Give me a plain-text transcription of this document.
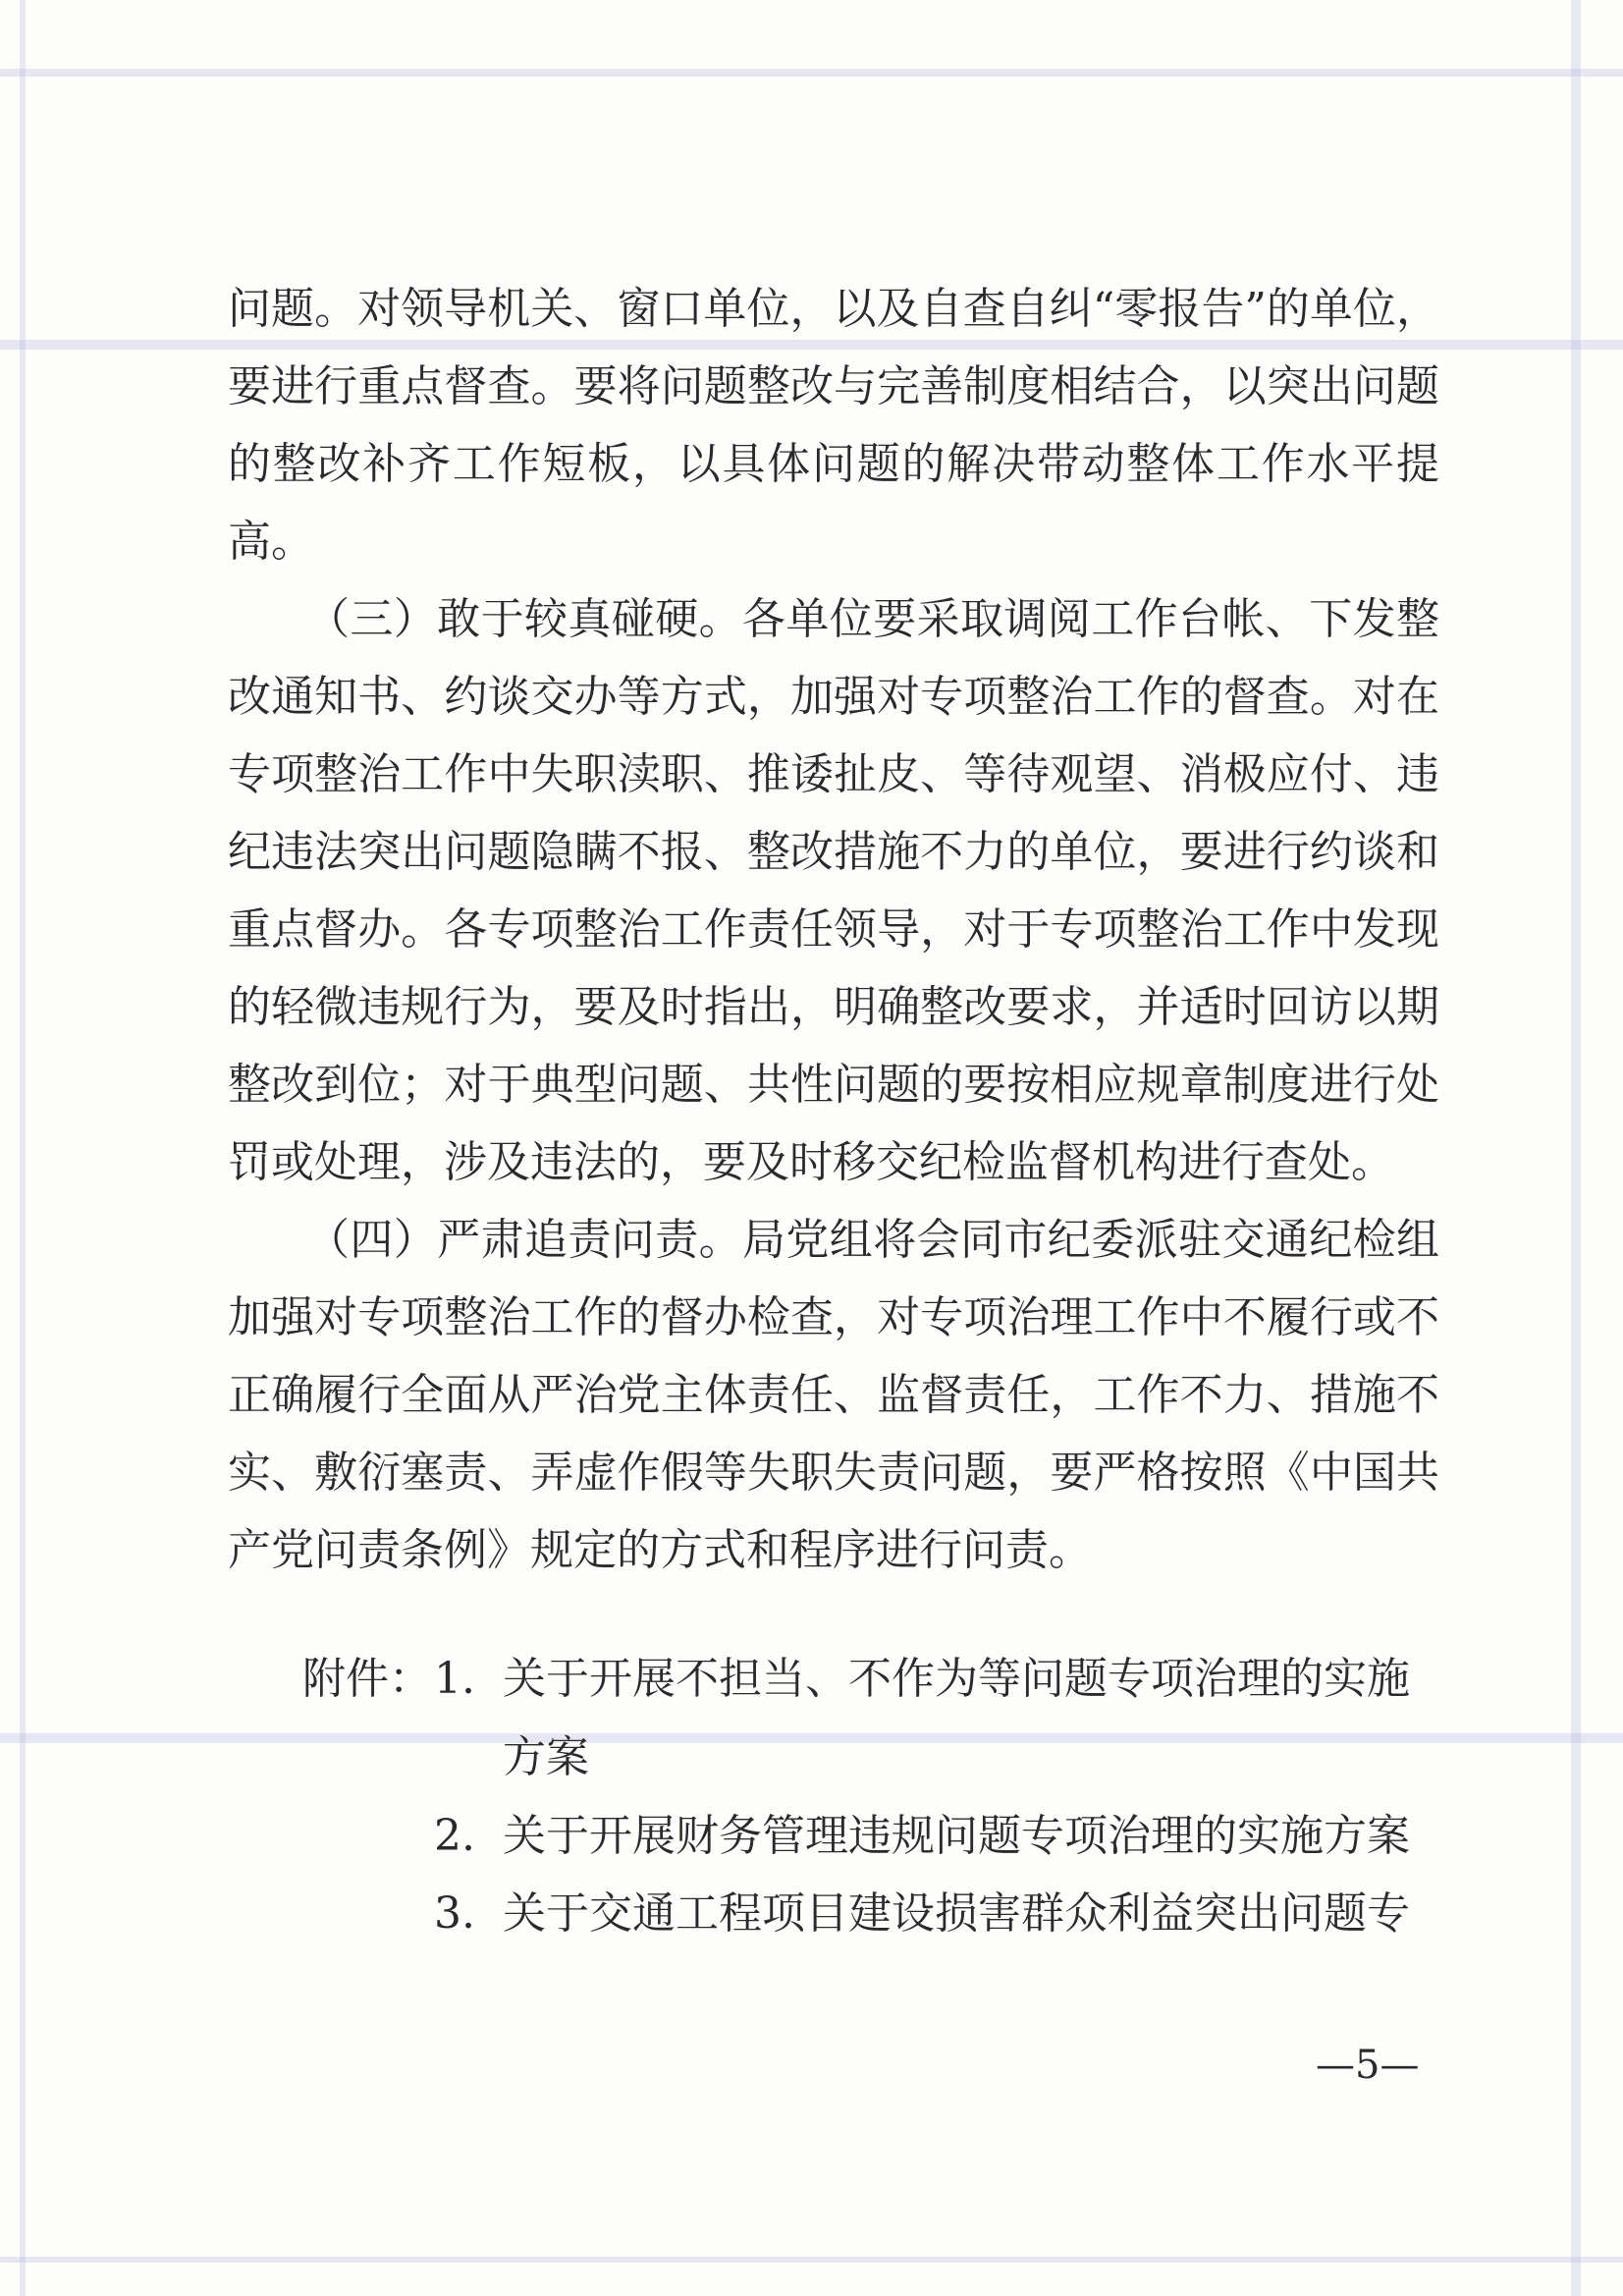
问题。对领导机关、窗口单位，以及自查自纠“零报告”的单位，
要进行重点督查。要将问题整改与完善制度相结合，以突出问题
的整改补齐工作短板，以具体问题的解决带动整体工作水平提
高。
（三）敢于较真碰硬。各单位要采取调阅工作台帐、下发整
改通知书、约谈交办等方式，加强对专项整治工作的督查。对在
专项整治工作中失职渎职、推诿扯皮、等待观望、消极应付、违
纪违法突出问题隐瞒不报、整改措施不力的单位，要进行约谈和
重点督办。各专项整治工作责任领导，对于专项整治工作中发现
的轻微违规行为，要及时指出，明确整改要求，并适时回访以期
整改到位；对于典型问题、共性问题的要按相应规章制度进行处
罚或处理，涉及违法的，要及时移交纪检监督机构进行查处。
（四）严肃追责问责。局党组将会同市纪委派驻交通纪检组
加强对专项整治工作的督办检查，对专项治理工作中不履行或不
正确履行全面从严治党主体责任、监督责任，工作不力、措施不
实、敷衍塞责、弄虚作假等失职失责问题，要严格按照《中国共
产党问责条例》规定的方式和程序进行问责。
附件： 1. 关于开展不担当、不作为等问题专项治理的实施
方案
2. 关于开展财务管理违规问题专项治理的实施方案
3. 关于交通工程项目建设损害群众利益突出问题专
—5—
